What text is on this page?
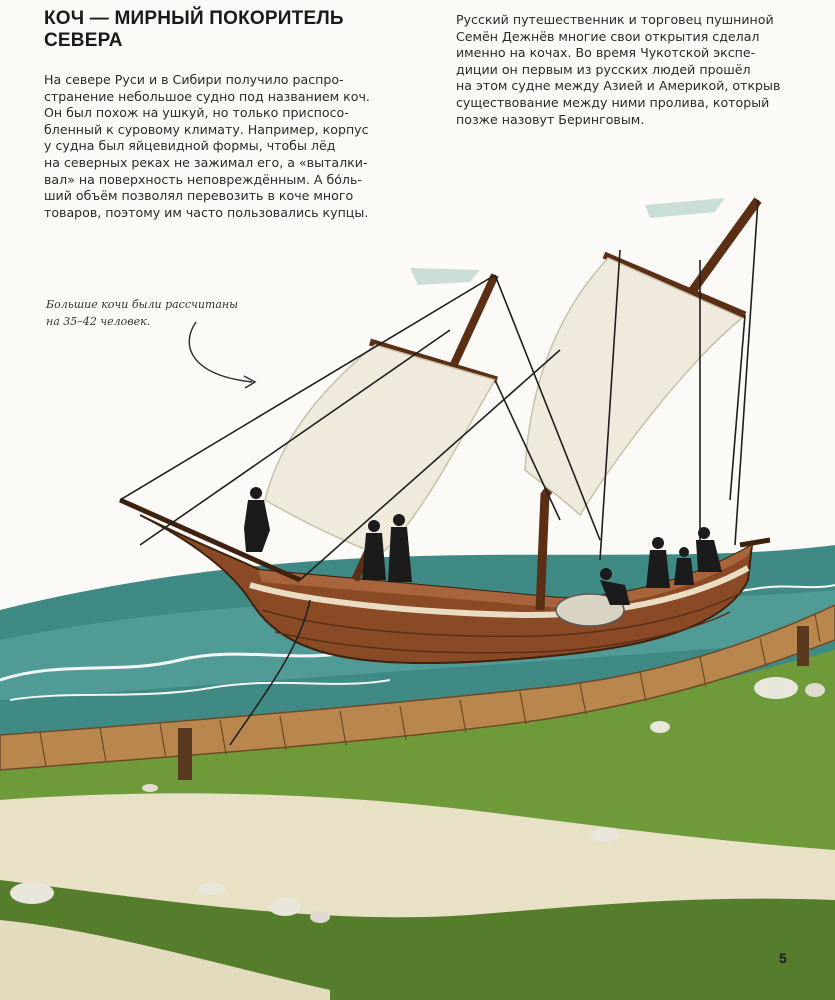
КОЧ — МИРНЫЙ ПОКОРИТЕЛЬ СЕВЕРА
На севере Руси и в Сибири получило распро-
странение небольшое судно под названием коч.
Он был похож на ушкуй, но только приспосо-
бленный к суровому климату. Например, корпус
у судна был яйцевидной формы, чтобы лёд
на северных реках не зажимал его, а «выталки-
вал» на поверхность неповреждённым. А бо́ль-
ший объём позволял перевозить в коче много
товаров, поэтому им часто пользовались купцы.
Русский путешественник и торговец пушниной
Семён Дежнёв многие свои открытия сделал
именно на кочах. Во время Чукотской экспе-
диции он первым из русских людей прошёл
на этом судне между Азией и Америкой, открыв
существование между ними пролива, который
позже назовут Беринговым.
Большие кочи были рассчитаны
на 35–42 человек.
5
